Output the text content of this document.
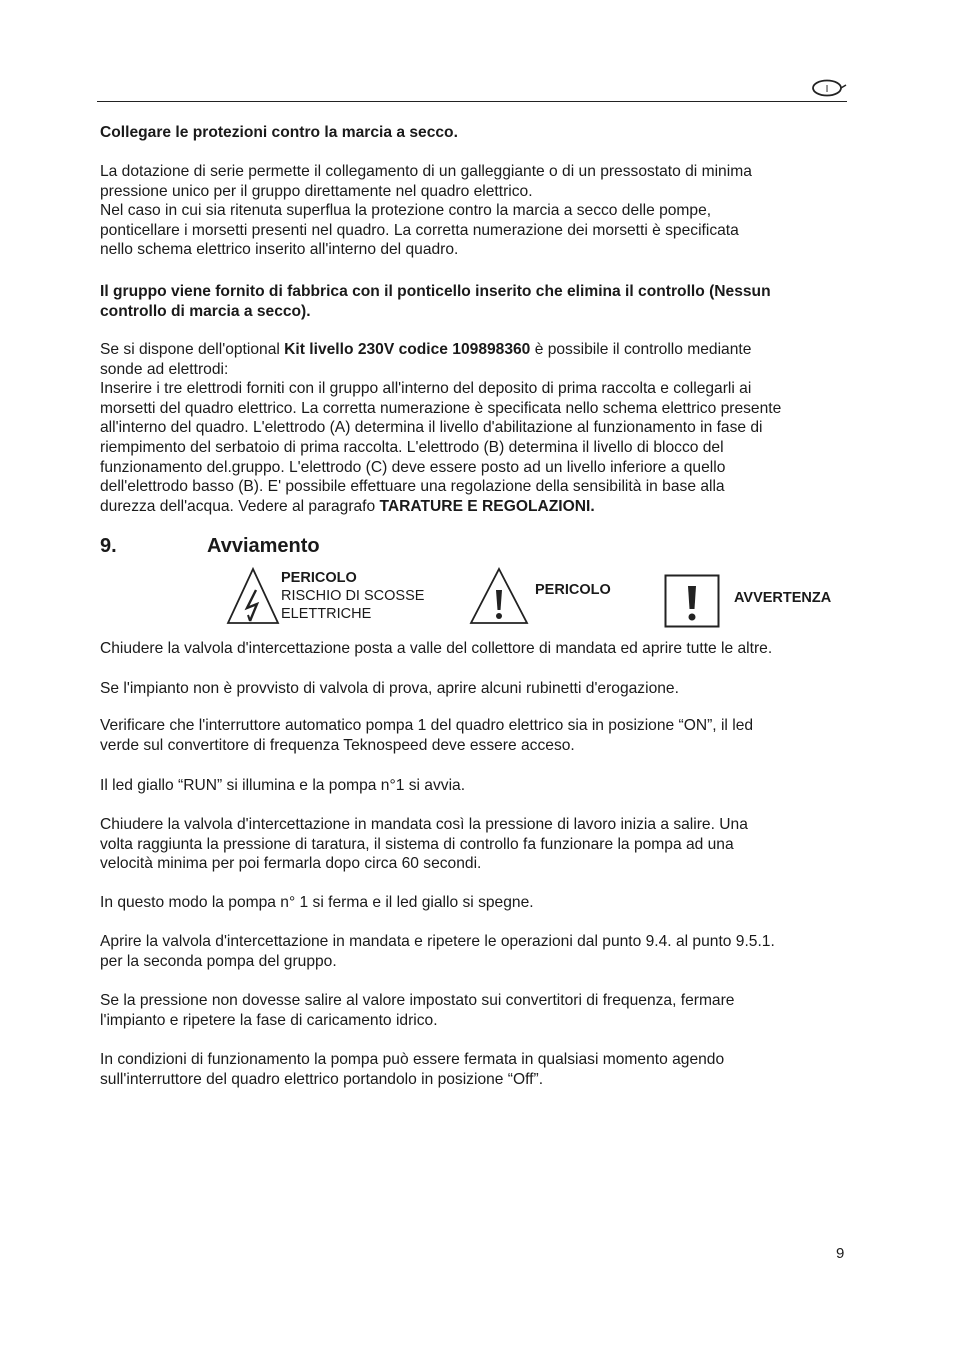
I
Collegare le protezioni contro la marcia a secco.

La dotazione di serie permette il collegamento di un galleggiante o di un pressostato di minima

pressione unico per il gruppo direttamente nel quadro elettrico.

Nel caso in cui sia ritenuta superflua la protezione contro la marcia a secco delle pompe,

ponticellare i morsetti presenti nel quadro. La corretta numerazione dei morsetti è specificata

nello schema elettrico inserito all'interno del quadro.

Il gruppo viene fornito di fabbrica con il ponticello inserito che elimina il controllo (Nessun

controllo di marcia a secco).

Se si dispone dell'optional Kit livello 230V codice 109898360 è possibile il controllo mediante

sonde ad elettrodi:

Inserire i tre elettrodi forniti con il gruppo all'interno del deposito di prima raccolta e collegarli ai

morsetti del quadro elettrico. La corretta numerazione è specificata nello schema elettrico presente

all'interno del quadro. L'elettrodo (A) determina il livello d'abilitazione al funzionamento in fase di

riempimento del serbatoio di prima raccolta. L'elettrodo (B) determina il livello di blocco del

funzionamento del.gruppo. L'elettrodo (C) deve essere posto ad un livello inferiore a quello

dell'elettrodo basso (B). E' possibile effettuare una regolazione della sensibilità in base alla

durezza dell'acqua. Vedere al paragrafo TARATURE E REGOLAZIONI.

9.	Avviamento
PERICOLO
RISCHIO DI SCOSSE
ELETTRICHE
PERICOLO	AVVERTENZA
Chiudere la valvola d'intercettazione posta a valle del collettore di mandata ed aprire tutte le altre.
Se l'impianto non è provvisto di valvola di prova, aprire alcuni rubinetti d'erogazione.

Verificare che l'interruttore automatico pompa 1 del quadro elettrico sia in posizione “ON”, il led

verde sul convertitore di frequenza Teknospeed deve essere acceso.

Il led giallo “RUN” si illumina e la pompa n°1 si avvia.

Chiudere la valvola d'intercettazione in mandata così la pressione di lavoro inizia a salire. Una

volta raggiunta la pressione di taratura, il sistema di controllo fa funzionare la pompa ad una

velocità minima per poi fermarla dopo circa 60 secondi.

In questo modo la pompa n° 1 si ferma e il led giallo si spegne.

Aprire la valvola d'intercettazione in mandata e ripetere le operazioni dal punto 9.4. al punto 9.5.1.

per la seconda pompa del gruppo.

Se la pressione non dovesse salire al valore impostato sui convertitori di frequenza, fermare

l'impianto e ripetere la fase di caricamento idrico.

In condizioni di funzionamento la pompa può essere fermata in qualsiasi momento agendo

sull'interruttore del quadro elettrico portandolo in posizione “Off”.

9
